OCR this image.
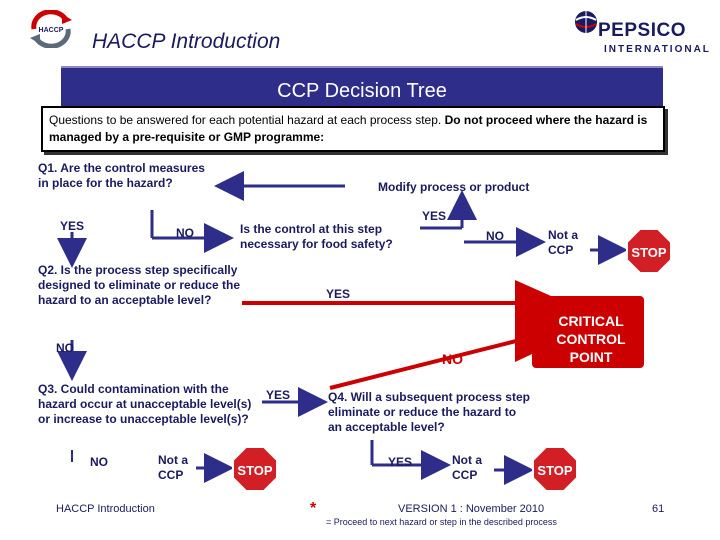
HACCP HACCP Introduction	PEPSICO
INTERNATIONAL
CCP Decision Tree
Questions to be answered for each potential hazard at each process step. Do not proceed where the hazard is managed by a pre-requisite or GMP programme:
Q1. Are the control measures in place for the hazard?
YES	NO
Modify process or product
Is the control at this step necessary for food safety?
YES
NO	Not a CCP	STOP
Q2. Is the process step specifically designed to eliminate or reduce the hazard to an acceptable level?	YES
NO
CRITICAL CONTROL POINT
NO
Q3. Could contamination with the hazard occur at unacceptable level(s) or increase to unacceptable level(s)?
YES
NO	Not a CCP	STOP
Q4. Will a subsequent process step eliminate or reduce the hazard to an acceptable level?
YES	Not a CCP	STOP
HACCP Introduction	*	VERSION 1 : November 2010	61
= Proceed to next hazard or step in the described process
